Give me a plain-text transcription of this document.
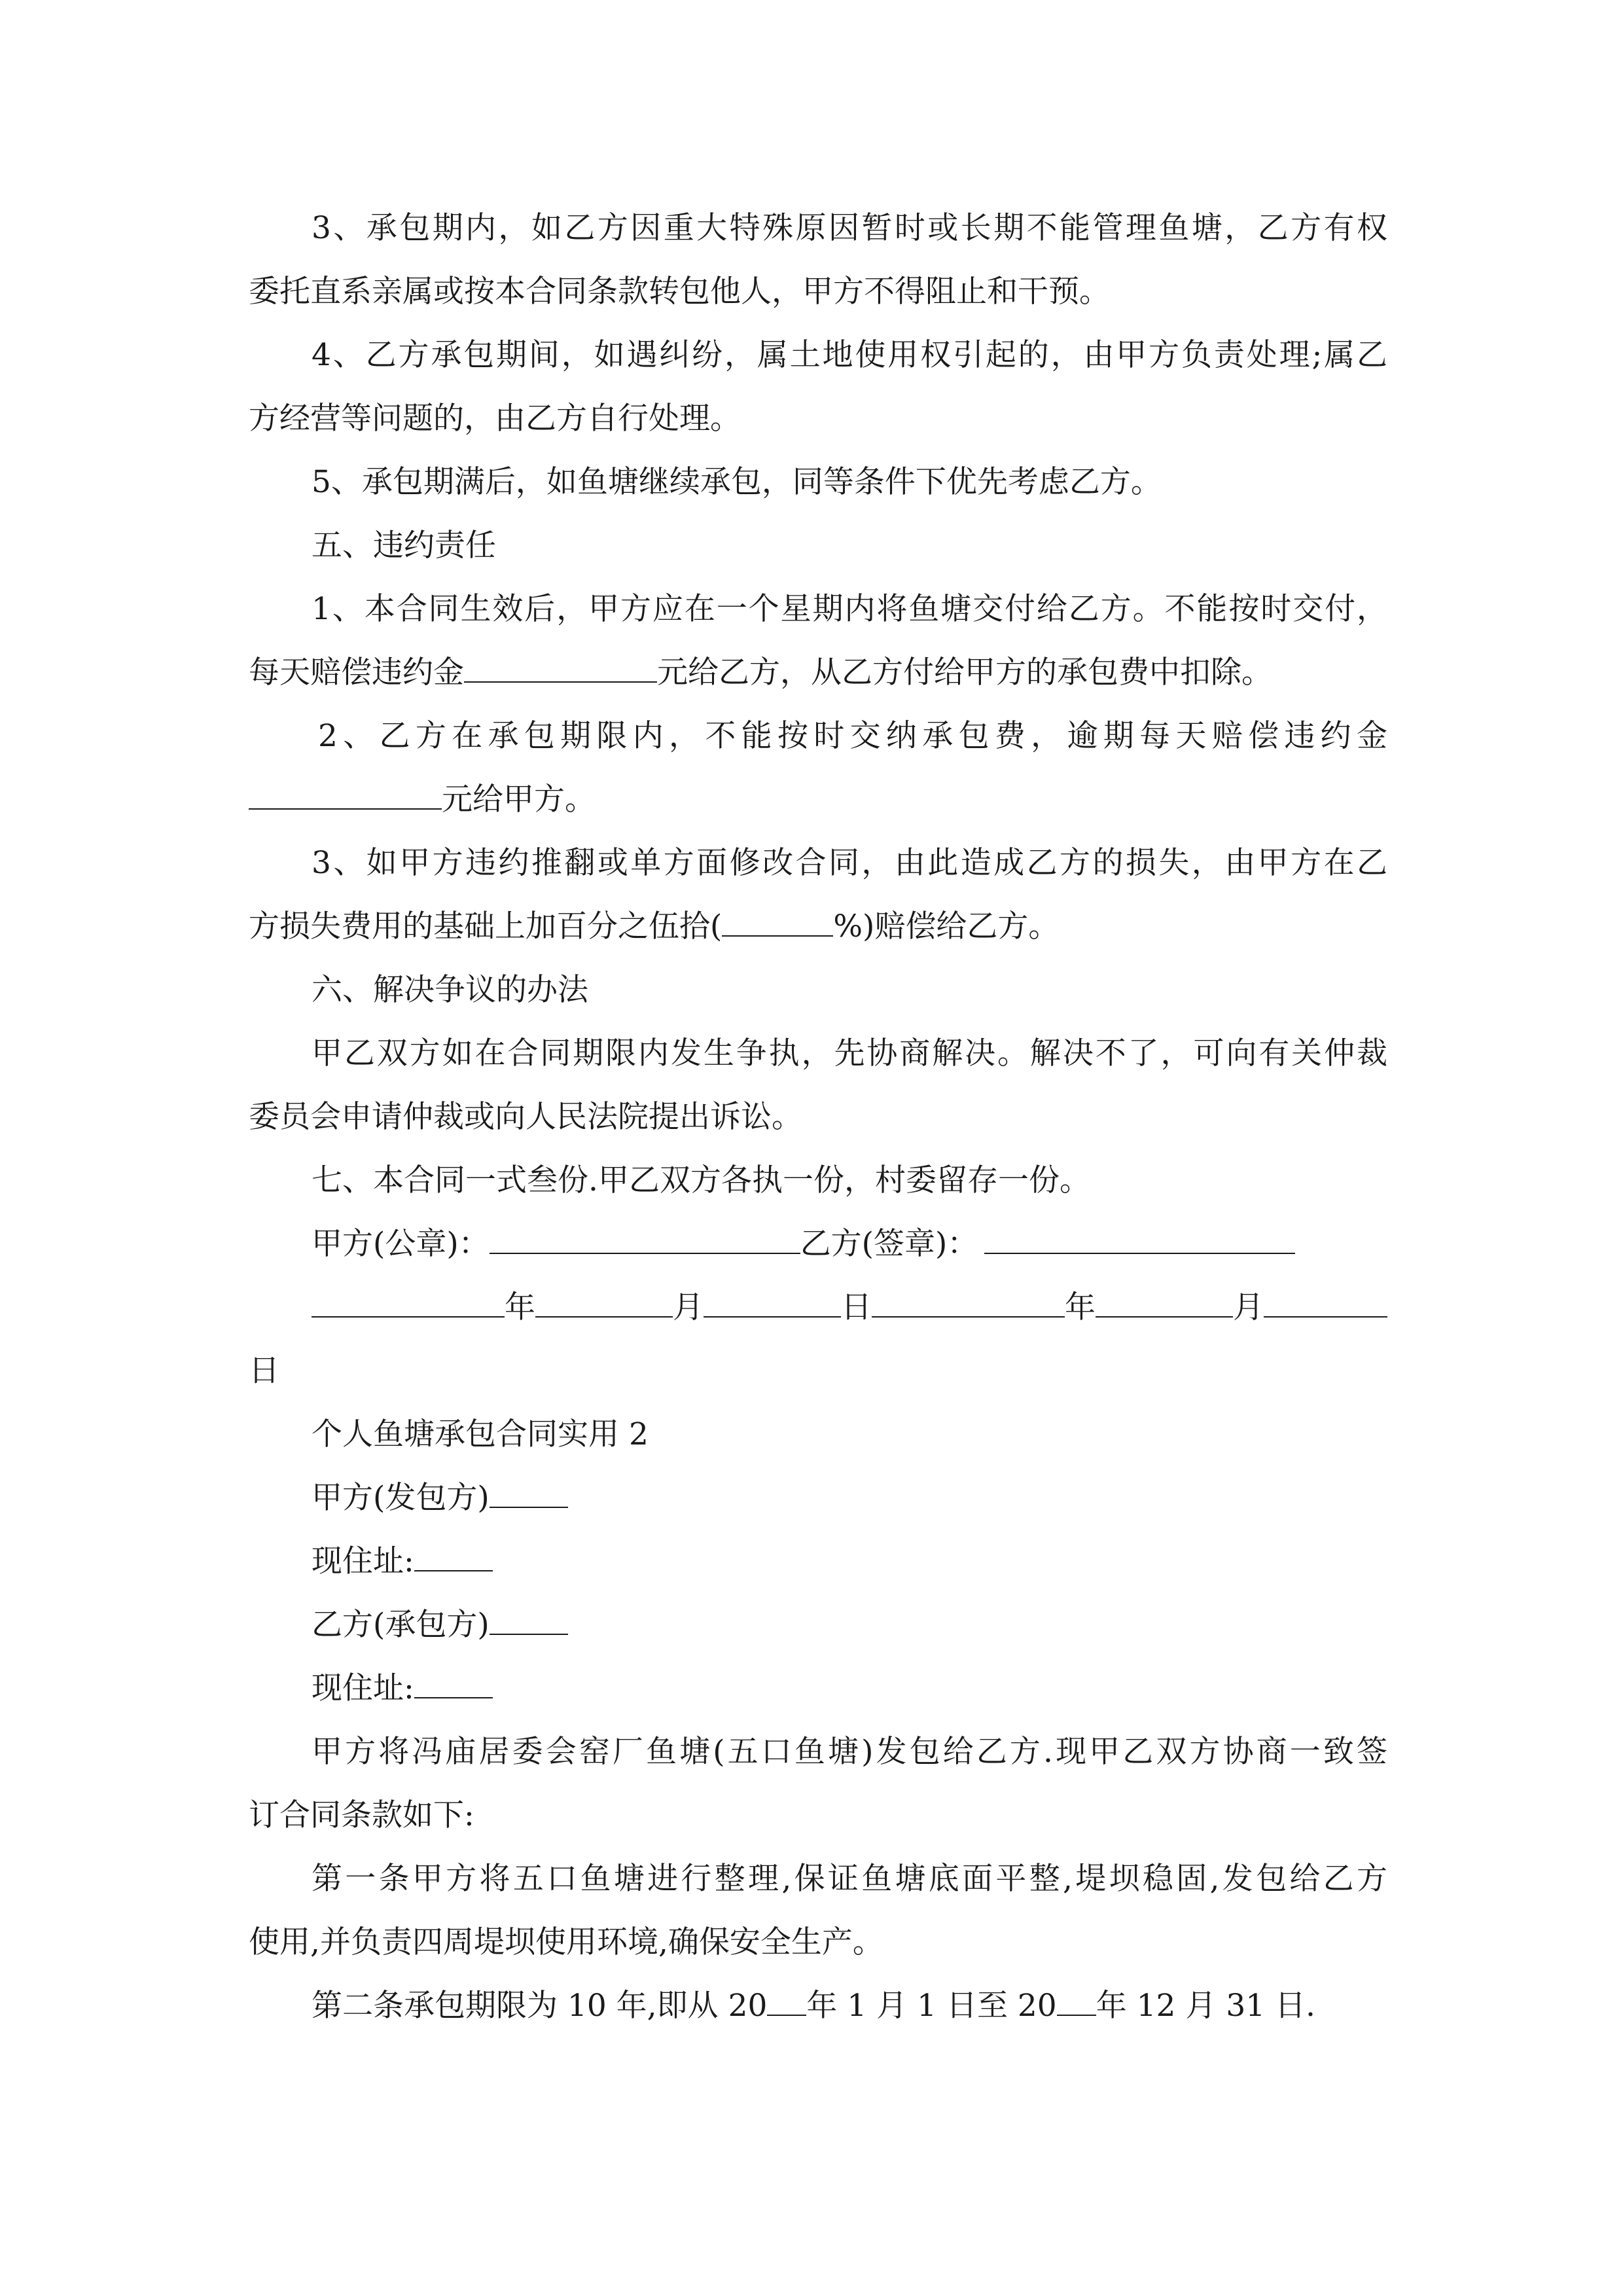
3、承包期内，如乙方因重大特殊原因暂时或长期不能管理鱼塘，乙方有权
委托直系亲属或按本合同条款转包他人，甲方不得阻止和干预。
4、乙方承包期间，如遇纠纷，属土地使用权引起的，由甲方负责处理;属乙
方经营等问题的，由乙方自行处理。
5、承包期满后，如鱼塘继续承包，同等条件下优先考虑乙方。
五、违约责任
1、本合同生效后，甲方应在一个星期内将鱼塘交付给乙方。不能按时交付，
每天赔偿违约金	元给乙方，从乙方付给甲方的承包费中扣除。
2、乙方在承包期限内，不能按时交纳承包费，逾期每天赔偿违约金
元给甲方。
3、如甲方违约推翻或单方面修改合同，由此造成乙方的损失，由甲方在乙
方损失费用的基础上加百分之伍拾(	%)赔偿给乙方。
六、解决争议的办法
甲乙双方如在合同期限内发生争执，先协商解决。解决不了，可向有关仲裁
委员会申请仲裁或向人民法院提出诉讼。
七、本合同一式叁份.甲乙双方各执一份，村委留存一份。
甲方(公章)：	乙方(签章)：
年	月	日	年	月
日
个人鱼塘承包合同实用 2
甲方(发包方)
现住址:
乙方(承包方)
现住址:
甲方将冯庙居委会窑厂鱼塘(五口鱼塘)发包给乙方.现甲乙双方协商一致签
订合同条款如下:
第一条甲方将五口鱼塘进行整理,保证鱼塘底面平整,堤坝稳固,发包给乙方
使用,并负责四周堤坝使用环境,确保安全生产。
第二条承包期限为 10 年,即从 20 年 1 月 1 日至 20 年 12 月 31 日.
